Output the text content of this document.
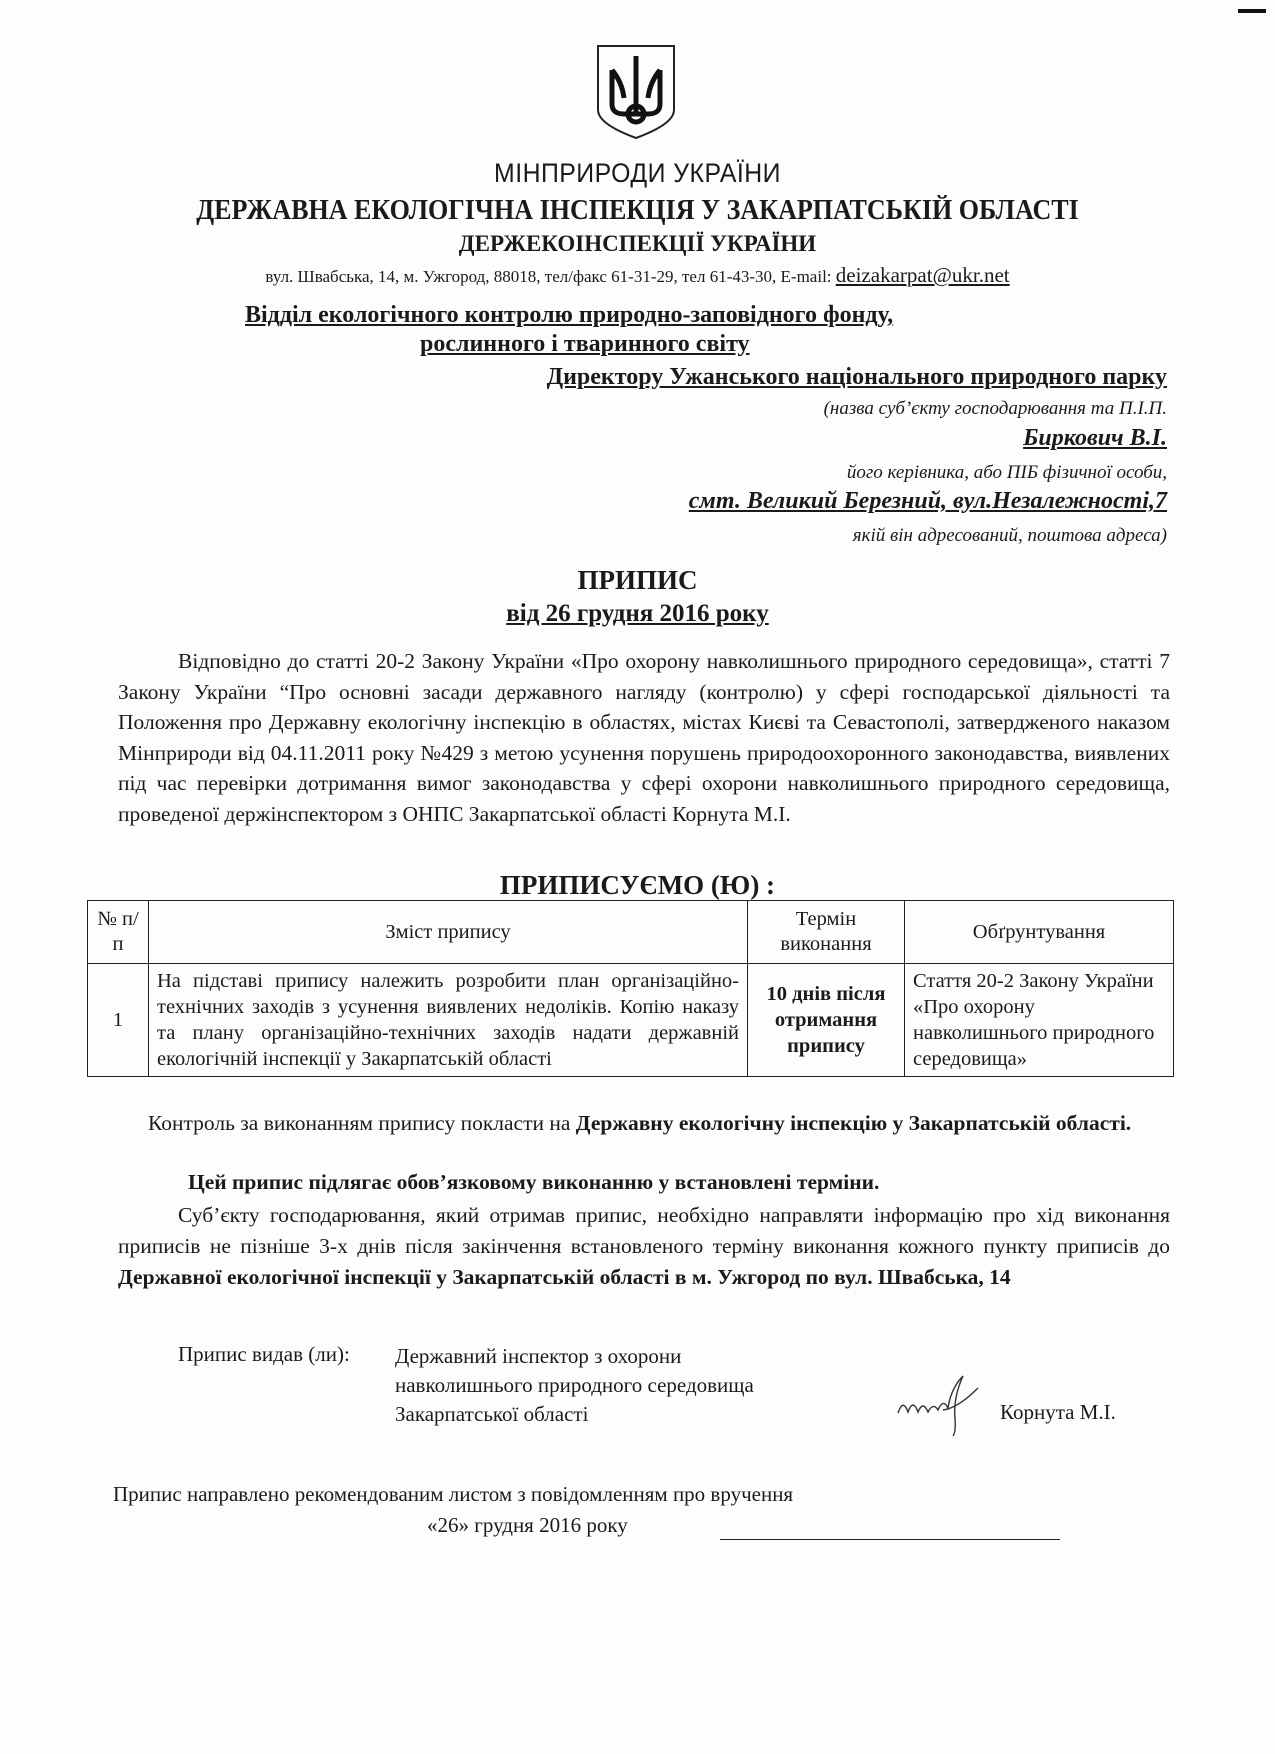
МІНПРИРОДИ УКРАЇНИ
ДЕРЖАВНА ЕКОЛОГІЧНА ІНСПЕКЦІЯ У ЗАКАРПАТСЬКІЙ ОБЛАСТІ
ДЕРЖЕКОІНСПЕКЦІЇ УКРАЇНИ
вул. Швабська, 14, м. Ужгород, 88018, тел/факс 61-31-29, тел 61-43-30, E-mail: deizakarpat@ukr.net
Відділ екологічного контролю природно-заповідного фонду,
рослинного і тваринного світу
Директору Ужанського національного природного парку
(назва суб’єкту господарювання та П.І.П.
Биркович В.І.
його керівника, або ПІБ фізичної особи,
смт. Великий Березний, вул.Незалежності,7
якій він адресований, поштова адреса)
ПРИПИС
від 26 грудня 2016 року
Відповідно до статті 20-2 Закону України «Про охорону навколишнього природного середовища», статті 7 Закону України “Про основні засади державного нагляду (контролю) у сфері господарської діяльності та Положення про Державну екологічну інспекцію в областях, містах Києві та Севастополі, затвердженого наказом Мінприроди від 04.11.2011 року №429 з метою усунення порушень природоохоронного законодавства, виявлених під час перевірки дотримання вимог законодавства у сфері охорони навколишнього природного середовища, проведеної держінспектором з ОНПС Закарпатської області Корнута М.І.
ПРИПИСУЄМО (Ю) :
№ п/п	Зміст припису	Термін виконання	Обґрунтування
1	На підставі припису належить розробити план організаційно-технічних заходів з усунення виявлених недоліків. Копію наказу та плану організаційно-технічних заходів надати державній екологічній інспекції у Закарпатській області	10 днів після отримання припису	Стаття 20-2 Закону України «Про охорону навколишнього природного середовища»
Контроль за виконанням припису покласти на Державну екологічну інспекцію у Закарпатській області.
Цей припис підлягає обов’язковому виконанню у встановлені терміни.
Суб’єкту господарювання, який отримав припис, необхідно направляти інформацію про хід виконання приписів не пізніше 3-х днів після закінчення встановленого терміну виконання кожного пункту приписів до Державної екологічної інспекції у Закарпатській області в м. Ужгород по вул. Швабська, 14
Припис видав (ли): Державний інспектор з охорони
навколишнього природного середовища
Закарпатської області	Корнута М.І.
Припис направлено рекомендованим листом з повідомленням про вручення
«26» грудня 2016 року
